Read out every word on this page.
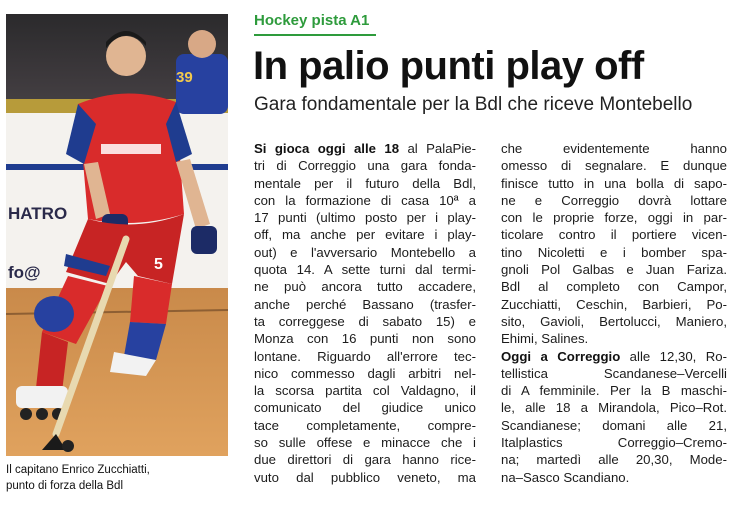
HATRO
fo@
39
5
Il capitano Enrico Zucchiatti,
punto di forza della Bdl
Hockey pista A1
In palio punti play off
Gara fondamentale per la Bdl che riceve Montebello
Si gioca oggi alle 18 al PalaPie-
tri di Correggio una gara fonda-
mentale per il futuro della Bdl,
con la formazione di casa 10ª a
17 punti (ultimo posto per i play-
off, ma anche per evitare i play-
out) e l'avversario Montebello a
quota 14. A sette turni dal termi-
ne può ancora tutto accadere,
anche perché Bassano (trasfer-
ta correggese di sabato 15) e
Monza con 16 punti non sono
lontane. Riguardo all'errore tec-
nico commesso dagli arbitri nel-
la scorsa partita col Valdagno, il
comunicato del giudice unico
tace completamente, compre-
so sulle offese e minacce che i
due direttori di gara hanno rice-
vuto dal pubblico veneto, ma
che evidentemente hanno
omesso di segnalare. E dunque
finisce tutto in una bolla di sapo-
ne e Correggio dovrà lottare
con le proprie forze, oggi in par-
ticolare contro il portiere vicen-
tino Nicoletti e i bomber spa-
gnoli Pol Galbas e Juan Fariza.
Bdl al completo con Campor,
Zucchiatti, Ceschin, Barbieri, Po-
sito, Gavioli, Bertolucci, Maniero,
Ehimi, Salines.
Oggi a Correggio alle 12,30, Ro-
tellistica Scandanese–Vercelli
di A femminile. Per la B maschi-
le, alle 18 a Mirandola, Pico–Rot.
Scandianese; domani alle 21,
Italplastics Correggio–Cremo-
na; martedì alle 20,30, Mode-
na–Sasco Scandiano.
